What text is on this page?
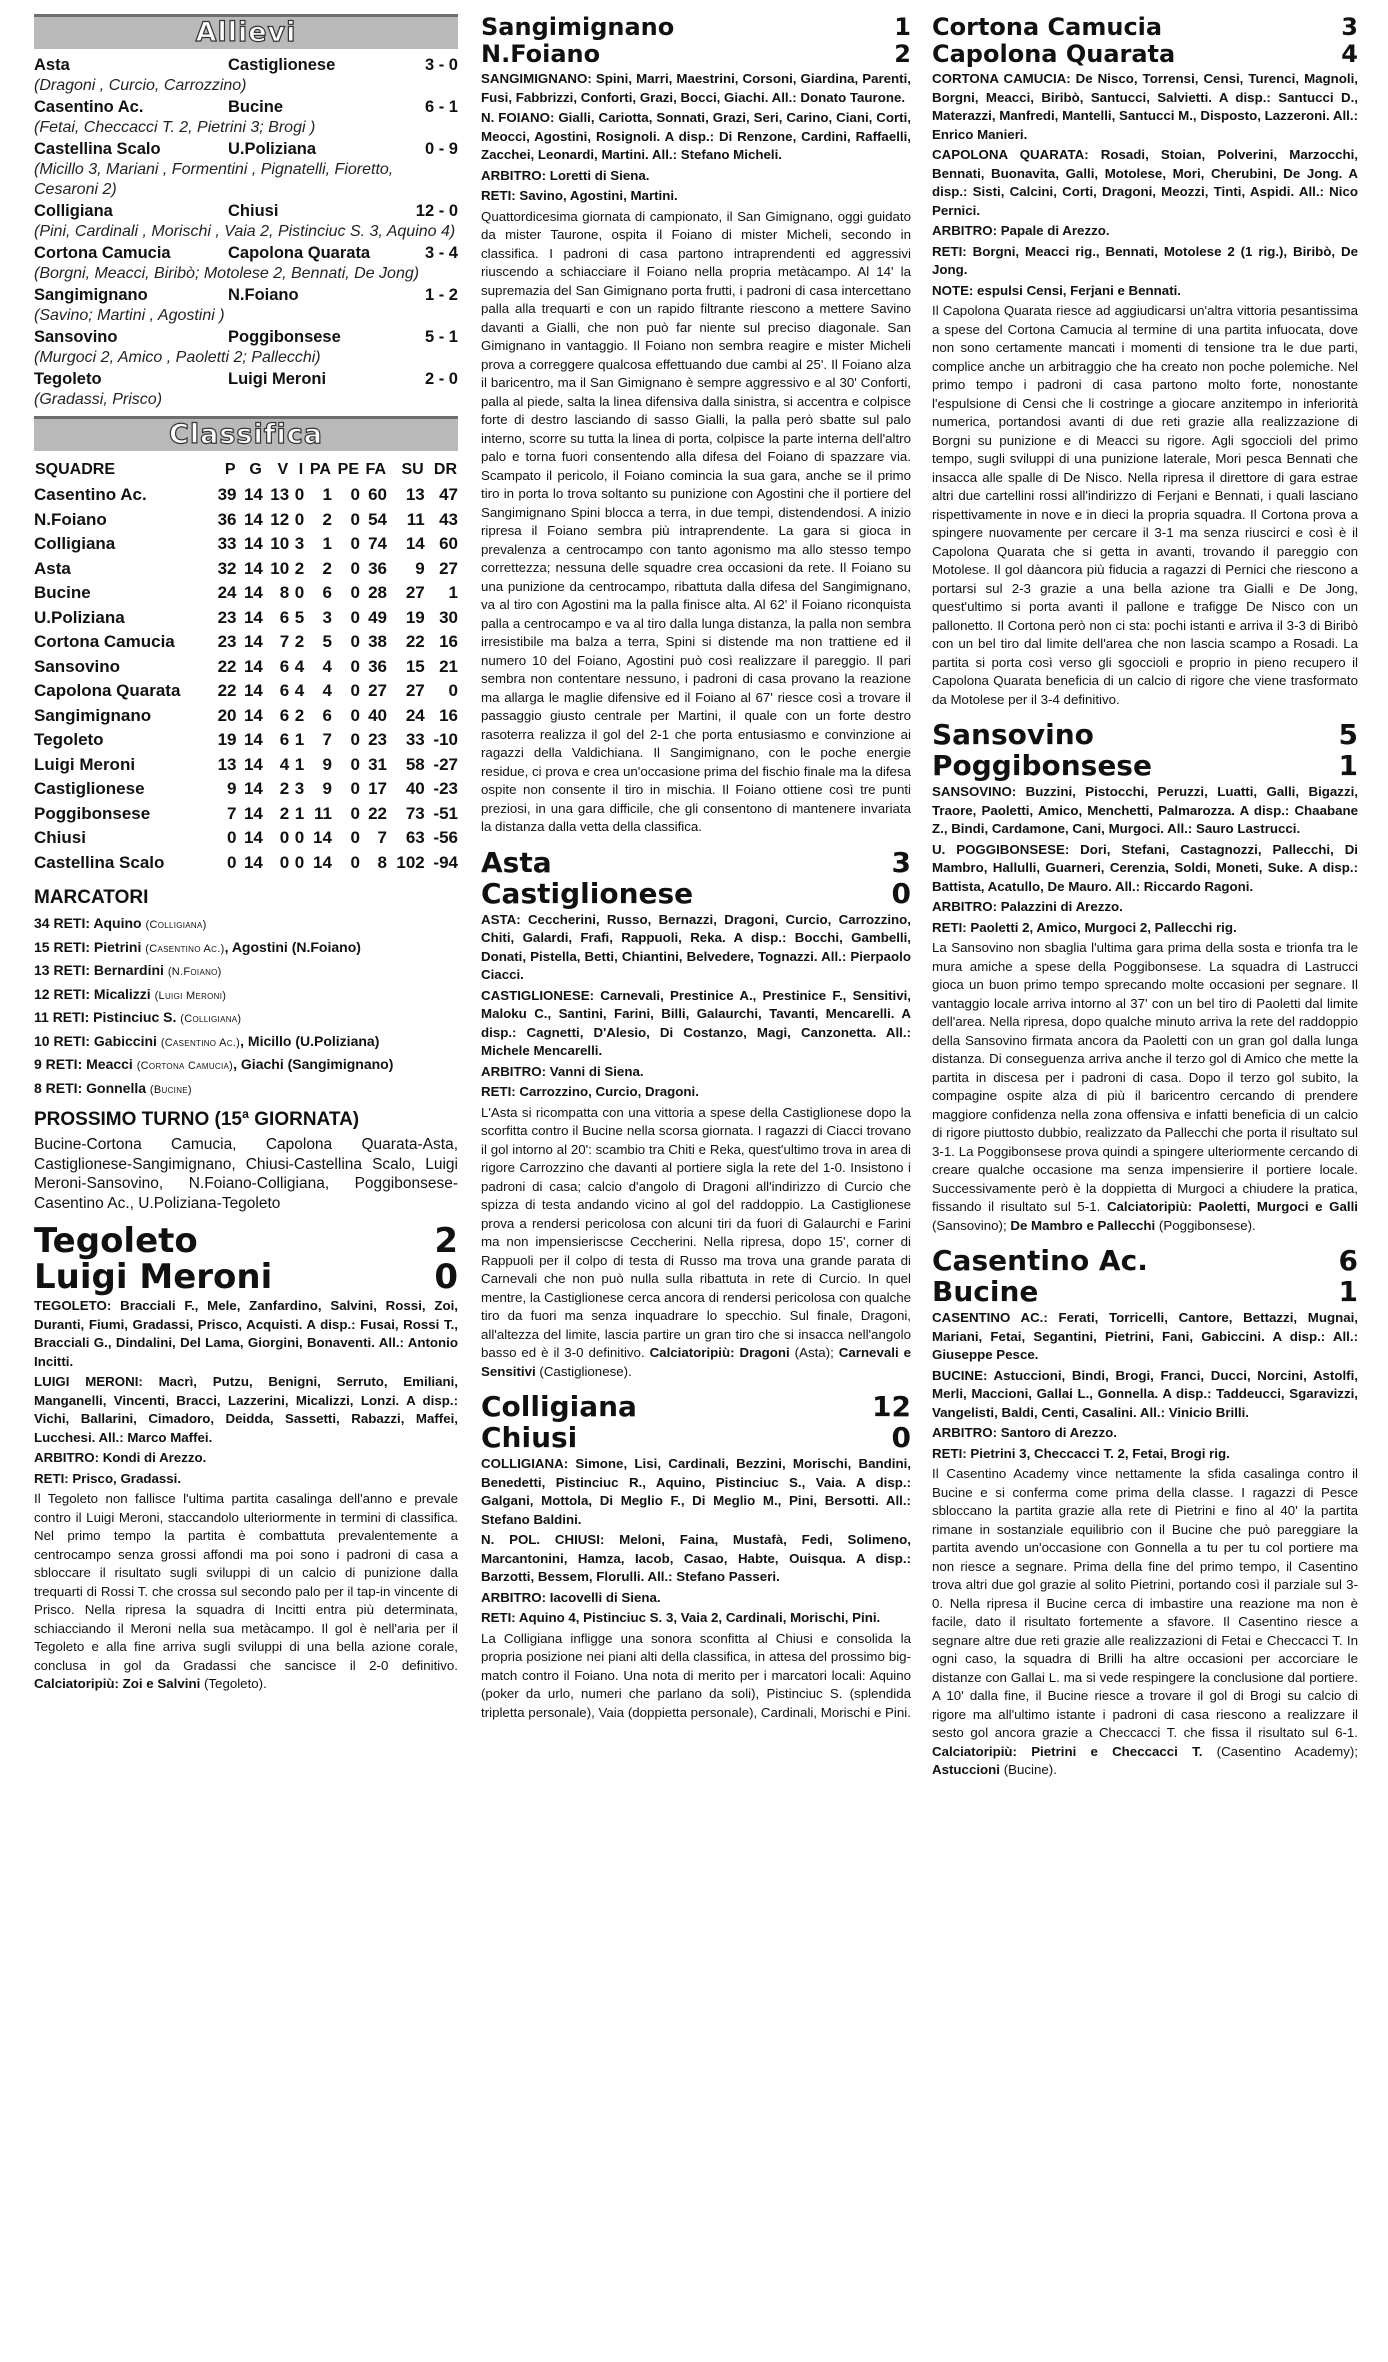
Allievi
Asta	Castiglionese	3 - 0
(Dragoni , Curcio, Carrozzino)
Casentino Ac.	Bucine	6 - 1
(Fetai, Checcacci T. 2, Pietrini 3; Brogi )
Castellina Scalo	U.Poliziana	0 - 9
(Micillo 3, Mariani , Formentini , Pignatelli, Fioretto, Cesaroni 2)
Colligiana	Chiusi	12 - 0
(Pini, Cardinali , Morischi , Vaia 2, Pistinciuc S. 3, Aquino 4)
Cortona Camucia	Capolona Quarata	3 - 4
(Borgni, Meacci, Biribò; Motolese 2, Bennati, De Jong)
Sangimignano	N.Foiano	1 - 2
(Savino; Martini , Agostini )
Sansovino	Poggibonsese	5 - 1
(Murgoci 2, Amico , Paoletti 2; Pallecchi)
Tegoleto	Luigi Meroni	2 - 0
(Gradassi, Prisco)
Classifica
SQUADRE	P	G	V	I	PA	PE	FA	SU	DR
Casentino Ac.	39	14	13	0	1	0	60	13	47
N.Foiano	36	14	12	0	2	0	54	11	43
Colligiana	33	14	10	3	1	0	74	14	60
Asta	32	14	10	2	2	0	36	9	27
Bucine	24	14	8	0	6	0	28	27	1
U.Poliziana	23	14	6	5	3	0	49	19	30
Cortona Camucia	23	14	7	2	5	0	38	22	16
Sansovino	22	14	6	4	4	0	36	15	21
Capolona Quarata	22	14	6	4	4	0	27	27	0
Sangimignano	20	14	6	2	6	0	40	24	16
Tegoleto	19	14	6	1	7	0	23	33	-10
Luigi Meroni	13	14	4	1	9	0	31	58	-27
Castiglionese	9	14	2	3	9	0	17	40	-23
Poggibonsese	7	14	2	1	11	0	22	73	-51
Chiusi	0	14	0	0	14	0	7	63	-56
Castellina Scalo	0	14	0	0	14	0	8	102	-94
MARCATORI
34 RETI: Aquino (Colligiana)
15 RETI: Pietrini (Casentino Ac.), Agostini (N.Foiano)
13 RETI: Bernardini (N.Foiano)
12 RETI: Micalizzi (Luigi Meroni)
11 RETI: Pistinciuc S. (Colligiana)
10 RETI: Gabiccini (Casentino Ac.), Micillo (U.Poliziana)
9 RETI: Meacci (Cortona Camucia), Giachi (Sangimignano)
8 RETI: Gonnella (Bucine)
PROSSIMO TURNO (15ª GIORNATA)
Bucine-Cortona Camucia, Capolona Quarata-Asta, Castiglionese-Sangimignano, Chiusi-Castellina Scalo, Luigi Meroni-Sansovino, N.Foiano-Colligiana, Poggibonsese-Casentino Ac., U.Poliziana-Tegoleto
Tegoleto	2
Luigi Meroni	0

TEGOLETO: Bracciali F., Mele, Zanfardino, Salvini, Rossi, Zoi, Duranti, Fiumi, Gradassi, Prisco, Acquisti. A disp.: Fusai, Rossi T., Bracciali G., Dindalini, Del Lama, Giorgini, Bonaventi. All.: Antonio Incitti.

LUIGI MERONI: Macrì, Putzu, Benigni, Serruto, Emiliani, Manganelli, Vincenti, Bracci, Lazzerini, Micalizzi, Lonzi. A disp.: Vichi, Ballarini, Cimadoro, Deidda, Sassetti, Rabazzi, Maffei, Lucchesi. All.: Marco Maffei.

ARBITRO: Kondi di Arezzo.

RETI: Prisco, Gradassi.

Il Tegoleto non fallisce l'ultima partita casalinga dell'anno e prevale contro il Luigi Meroni, staccandolo ulteriormente in termini di classifica. Nel primo tempo la partita è combattuta prevalentemente a centrocampo senza grossi affondi ma poi sono i padroni di casa a sbloccare il risultato sugli sviluppi di un calcio di punizione dalla trequarti di Rossi T. che crossa sul secondo palo per il tap-in vincente di Prisco. Nella ripresa la squadra di Incitti entra più determinata, schiacciando il Meroni nella sua metàcampo. Il gol è nell'aria per il Tegoleto e alla fine arriva sugli sviluppi di una bella azione corale, conclusa in gol da Gradassi che sancisce il 2-0 definitivo. Calciatoripiù: Zoi e Salvini (Tegoleto).

Sangimignano	1
N.Foiano	2

SANGIMIGNANO: Spini, Marri, Maestrini, Corsoni, Giardina, Parenti, Fusi, Fabbrizzi, Conforti, Grazi, Bocci, Giachi. All.: Donato Taurone.

N. FOIANO: Gialli, Cariotta, Sonnati, Grazi, Seri, Carino, Ciani, Corti, Meocci, Agostini, Rosignoli. A disp.: Di Renzone, Cardini, Raffaelli, Zacchei, Leonardi, Martini. All.: Stefano Micheli.

ARBITRO: Loretti di Siena.

RETI: Savino, Agostini, Martini.

Quattordicesima giornata di campionato, il San Gimignano, oggi guidato da mister Taurone, ospita il Foiano di mister Micheli, secondo in classifica. I padroni di casa partono intraprendenti ed aggressivi riuscendo a schiacciare il Foiano nella propria metàcampo. Al 14' la supremazia del San Gimignano porta frutti, i padroni di casa intercettano palla alla trequarti e con un rapido filtrante riescono a mettere Savino davanti a Gialli, che non può far niente sul preciso diagonale. San Gimignano in vantaggio. Il Foiano non sembra reagire e mister Micheli prova a correggere qualcosa effettuando due cambi al 25'. Il Foiano alza il baricentro, ma il San Gimignano è sempre aggressivo e al 30' Conforti, palla al piede, salta la linea difensiva dalla sinistra, si accentra e colpisce forte di destro lasciando di sasso Gialli, la palla però sbatte sul palo interno, scorre su tutta la linea di porta, colpisce la parte interna dell'altro palo e torna fuori consentendo alla difesa del Foiano di spazzare via. Scampato il pericolo, il Foiano comincia la sua gara, anche se il primo tiro in porta lo trova soltanto su punizione con Agostini che il portiere del Sangimignano Spini blocca a terra, in due tempi, distendendosi. A inizio ripresa il Foiano sembra più intraprendente. La gara si gioca in prevalenza a centrocampo con tanto agonismo ma allo stesso tempo correttezza; nessuna delle squadre crea occasioni da rete. Il Foiano su una punizione da centrocampo, ribattuta dalla difesa del Sangimignano, va al tiro con Agostini ma la palla finisce alta. Al 62' il Foiano riconquista palla a centrocampo e va al tiro dalla lunga distanza, la palla non sembra irresistibile ma balza a terra, Spini si distende ma non trattiene ed il numero 10 del Foiano, Agostini può così realizzare il pareggio. Il pari sembra non contentare nessuno, i padroni di casa provano la reazione ma allarga le maglie difensive ed il Foiano al 67' riesce così a trovare il passaggio giusto centrale per Martini, il quale con un forte destro rasoterra realizza il gol del 2-1 che porta entusiasmo e convinzione ai ragazzi della Valdichiana. Il Sangimignano, con le poche energie residue, ci prova e crea un'occasione prima del fischio finale ma la difesa ospite non consente il tiro in mischia. Il Foiano ottiene così tre punti preziosi, in una gara difficile, che gli consentono di mantenere invariata la distanza dalla vetta della classifica.

Asta	3
Castiglionese	0

ASTA: Ceccherini, Russo, Bernazzi, Dragoni, Curcio, Carrozzino, Chiti, Galardi, Frafi, Rappuoli, Reka. A disp.: Bocchi, Gambelli, Donati, Pistella, Betti, Chiantini, Belvedere, Tognazzi. All.: Pierpaolo Ciacci.

CASTIGLIONESE: Carnevali, Prestinice A., Prestinice F., Sensitivi, Maloku C., Santini, Farini, Billi, Galaurchi, Tavanti, Mencarelli. A disp.: Cagnetti, D'Alesio, Di Costanzo, Magi, Canzonetta. All.: Michele Mencarelli.

ARBITRO: Vanni di Siena.

RETI: Carrozzino, Curcio, Dragoni.

L'Asta si ricompatta con una vittoria a spese della Castiglionese dopo la scorfitta contro il Bucine nella scorsa giornata. I ragazzi di Ciacci trovano il gol intorno al 20': scambio tra Chiti e Reka, quest'ultimo trova in area di rigore Carrozzino che davanti al portiere sigla la rete del 1-0. Insistono i padroni di casa; calcio d'angolo di Dragoni all'indirizzo di Curcio che spizza di testa andando vicino al gol del raddoppio. La Castiglionese prova a rendersi pericolosa con alcuni tiri da fuori di Galaurchi e Farini ma non impensieriscse Ceccherini. Nella ripresa, dopo 15', corner di Rappuoli per il colpo di testa di Russo ma trova una grande parata di Carnevali che non può nulla sulla ribattuta in rete di Curcio. In quel mentre, la Castiglionese cerca ancora di rendersi pericolosa con qualche tiro da fuori ma senza inquadrare lo specchio. Sul finale, Dragoni, all'altezza del limite, lascia partire un gran tiro che si insacca nell'angolo basso ed è il 3-0 definitivo. Calciatoripiù: Dragoni (Asta); Carnevali e Sensitivi (Castiglionese).

Colligiana	12
Chiusi	0

COLLIGIANA: Simone, Lisi, Cardinali, Bezzini, Morischi, Bandini, Benedetti, Pistinciuc R., Aquino, Pistinciuc S., Vaia. A disp.: Galgani, Mottola, Di Meglio F., Di Meglio M., Pini, Bersotti. All.: Stefano Baldini.

N. POL. CHIUSI: Meloni, Faina, Mustafà, Fedi, Solimeno, Marcantonini, Hamza, Iacob, Casao, Habte, Ouisqua. A disp.: Barzotti, Bessem, Florulli. All.: Stefano Passeri.

ARBITRO: Iacovelli di Siena.

RETI: Aquino 4, Pistinciuc S. 3, Vaia 2, Cardinali, Morischi, Pini.

La Colligiana infligge una sonora sconfitta al Chiusi e consolida la propria posizione nei piani alti della classifica, in attesa del prossimo big-match contro il Foiano. Una nota di merito per i marcatori locali: Aquino (poker da urlo, numeri che parlano da soli), Pistinciuc S. (splendida tripletta personale), Vaia (doppietta personale), Cardinali, Morischi e Pini.

Cortona Camucia	3
Capolona Quarata	4

CORTONA CAMUCIA: De Nisco, Torrensi, Censi, Turenci, Magnoli, Borgni, Meacci, Biribò, Santucci, Salvietti. A disp.: Santucci D., Materazzi, Manfredi, Mantelli, Santucci M., Disposto, Lazzeroni. All.: Enrico Manieri.

CAPOLONA QUARATA: Rosadi, Stoian, Polverini, Marzocchi, Bennati, Buonavita, Galli, Motolese, Mori, Cherubini, De Jong. A disp.: Sisti, Calcini, Corti, Dragoni, Meozzi, Tinti, Aspidi. All.: Nico Pernici.

ARBITRO: Papale di Arezzo.

RETI: Borgni, Meacci rig., Bennati, Motolese 2 (1 rig.), Biribò, De Jong.

NOTE: espulsi Censi, Ferjani e Bennati.

Il Capolona Quarata riesce ad aggiudicarsi un'altra vittoria pesantissima a spese del Cortona Camucia al termine di una partita infuocata, dove non sono certamente mancati i momenti di tensione tra le due parti, complice anche un arbitraggio che ha creato non poche polemiche. Nel primo tempo i padroni di casa partono molto forte, nonostante l'espulsione di Censi che li costringe a giocare anzitempo in inferiorità numerica, portandosi avanti di due reti grazie alla realizzazione di Borgni su punizione e di Meacci su rigore. Agli sgoccioli del primo tempo, sugli sviluppi di una punizione laterale, Mori pesca Bennati che insacca alle spalle di De Nisco. Nella ripresa il direttore di gara estrae altri due cartellini rossi all'indirizzo di Ferjani e Bennati, i quali lasciano rispettivamente in nove e in dieci la propria squadra. Il Cortona prova a spingere nuovamente per cercare il 3-1 ma senza riuscirci e così è il Capolona Quarata che si getta in avanti, trovando il pareggio con Motolese. Il gol dàancora più fiducia a ragazzi di Pernici che riescono a portarsi sul 2-3 grazie a una bella azione tra Gialli e De Jong, quest'ultimo si porta avanti il pallone e trafigge De Nisco con un pallonetto. Il Cortona però non ci sta: pochi istanti e arriva il 3-3 di Biribò con un bel tiro dal limite dell'area che non lascia scampo a Rosadi. La partita si porta così verso gli sgoccioli e proprio in pieno recupero il Capolona Quarata beneficia di un calcio di rigore che viene trasformato da Motolese per il 3-4 definitivo.

Sansovino	5
Poggibonsese	1

SANSOVINO: Buzzini, Pistocchi, Peruzzi, Luatti, Galli, Bigazzi, Traore, Paoletti, Amico, Menchetti, Palmarozza. A disp.: Chaabane Z., Bindi, Cardamone, Cani, Murgoci. All.: Sauro Lastrucci.

U. POGGIBONSESE: Dori, Stefani, Castagnozzi, Pallecchi, Di Mambro, Hallulli, Guarneri, Cerenzia, Soldi, Moneti, Suke. A disp.: Battista, Acatullo, De Mauro. All.: Riccardo Ragoni.

ARBITRO: Palazzini di Arezzo.

RETI: Paoletti 2, Amico, Murgoci 2, Pallecchi rig.

La Sansovino non sbaglia l'ultima gara prima della sosta e trionfa tra le mura amiche a spese della Poggibonsese. La squadra di Lastrucci gioca un buon primo tempo sprecando molte occasioni per segnare. Il vantaggio locale arriva intorno al 37' con un bel tiro di Paoletti dal limite dell'area. Nella ripresa, dopo qualche minuto arriva la rete del raddoppio della Sansovino firmata ancora da Paoletti con un gran gol dalla lunga distanza. Di conseguenza arriva anche il terzo gol di Amico che mette la partita in discesa per i padroni di casa. Dopo il terzo gol subito, la compagine ospite alza di più il baricentro cercando di prendere maggiore confidenza nella zona offensiva e infatti beneficia di un calcio di rigore piuttosto dubbio, realizzato da Pallecchi che porta il risultato sul 3-1. La Poggibonsese prova quindi a spingere ulteriormente cercando di creare qualche occasione ma senza impensierire il portiere locale. Successivamente però è la doppietta di Murgoci a chiudere la pratica, fissando il risultato sul 5-1. Calciatoripiù: Paoletti, Murgoci e Galli (Sansovino); De Mambro e Pallecchi (Poggibonsese).

Casentino Ac.	6
Bucine	1

CASENTINO AC.: Ferati, Torricelli, Cantore, Bettazzi, Mugnai, Mariani, Fetai, Segantini, Pietrini, Fani, Gabiccini. A disp.: All.: Giuseppe Pesce.

BUCINE: Astuccioni, Bindi, Brogi, Franci, Ducci, Norcini, Astolfi, Merli, Maccioni, Gallai L., Gonnella. A disp.: Taddeucci, Sgaravizzi, Vangelisti, Baldi, Centi, Casalini. All.: Vinicio Brilli.

ARBITRO: Santoro di Arezzo.

RETI: Pietrini 3, Checcacci T. 2, Fetai, Brogi rig.

Il Casentino Academy vince nettamente la sfida casalinga contro il Bucine e si conferma come prima della classe. I ragazzi di Pesce sbloccano la partita grazie alla rete di Pietrini e fino al 40' la partita rimane in sostanziale equilibrio con il Bucine che può pareggiare la partita avendo un'occasione con Gonnella a tu per tu col portiere ma non riesce a segnare. Prima della fine del primo tempo, il Casentino trova altri due gol grazie al solito Pietrini, portando così il parziale sul 3-0. Nella ripresa il Bucine cerca di imbastire una reazione ma non è facile, dato il risultato fortemente a sfavore. Il Casentino riesce a segnare altre due reti grazie alle realizzazioni di Fetai e Checcacci T. In ogni caso, la squadra di Brilli ha altre occasioni per accorciare le distanze con Gallai L. ma si vede respingere la conclusione dal portiere. A 10' dalla fine, il Bucine riesce a trovare il gol di Brogi su calcio di rigore ma all'ultimo istante i padroni di casa riescono a realizzare il sesto gol ancora grazie a Checcacci T. che fissa il risultato sul 6-1. Calciatoripiù: Pietrini e Checcacci T. (Casentino Academy); Astuccioni (Bucine).
